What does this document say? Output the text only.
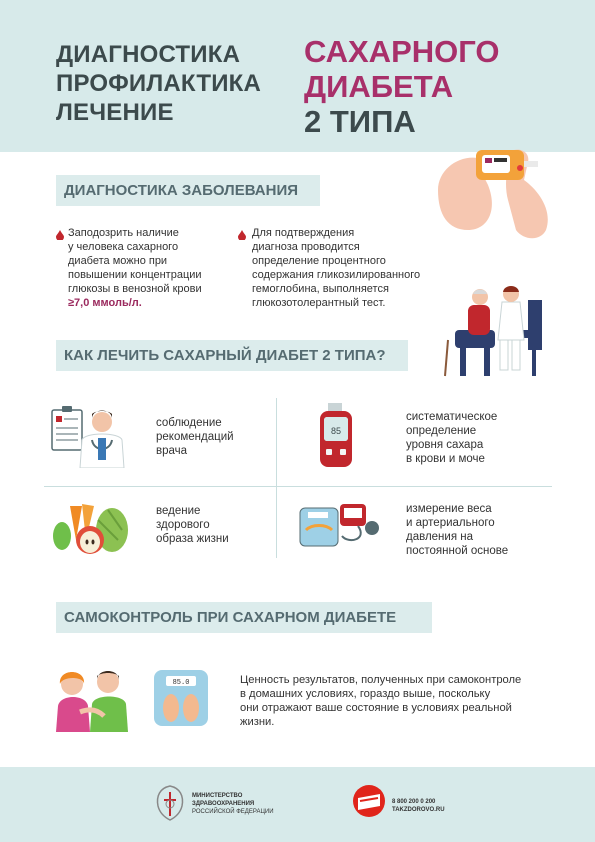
ДИАГНОСТИКА
ПРОФИЛАКТИКА
ЛЕЧЕНИЕ
САХАРНОГО
ДИАБЕТА
2 ТИПА
ДИАГНОСТИКА ЗАБОЛЕВАНИЯ
Заподозрить наличие
у человека сахарного
диабета можно при
повышении концентрации
глюкозы в венозной крови
≥7,0 ммоль/л.
Для подтверждения
диагноза проводится
определение процентного
содержания гликозилированного
гемоглобина, выполняется
глюкозотолерантный тест.
КАК ЛЕЧИТЬ САХАРНЫЙ ДИАБЕТ 2 ТИПА?
соблюдение
рекомендаций
врача
85
систематическое
определение
уровня сахара
в крови и моче
ведение
здорового
образа жизни
измерение веса
и артериального
давления на
постоянной основе
САМОКОНТРОЛЬ ПРИ САХАРНОМ ДИАБЕТЕ
85.0	Ценность результатов, полученных при самоконтроле
в домашних условиях, гораздо выше, поскольку
они отражают ваше состояние в условиях реальной
жизни.
МИНИСТЕРСТВО
ЗДРАВООХРАНЕНИЯ
РОССИЙСКОЙ ФЕДЕРАЦИИ
8 800 200 0 200
TAKZDOROVO.RU
